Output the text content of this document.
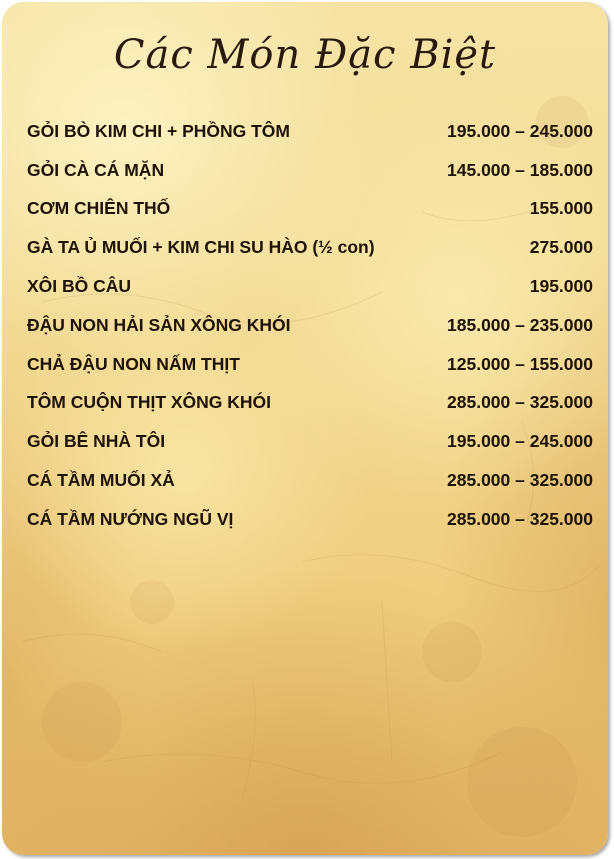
Các Món Đặc Biệt
GỎI BÒ KIM CHI + PHỒNG TÔM	195.000 – 245.000
GỎI CÀ CÁ MẶN	145.000 – 185.000
CƠM CHIÊN THỐ	155.000
GÀ TA Ủ MUỐI + KIM CHI SU HÀO (½ con)	275.000
XÔI BỒ CÂU	195.000
ĐẬU NON HẢI SẢN XÔNG KHÓI	185.000 – 235.000
CHẢ ĐẬU NON NẤM THỊT	125.000 – 155.000
TÔM CUỘN THỊT XÔNG KHÓI	285.000 – 325.000
GỎI BÊ NHÀ TÔI	195.000 – 245.000
CÁ TẦM MUỐI XẢ	285.000 – 325.000
CÁ TẦM NƯỚNG NGŨ VỊ	285.000 – 325.000
